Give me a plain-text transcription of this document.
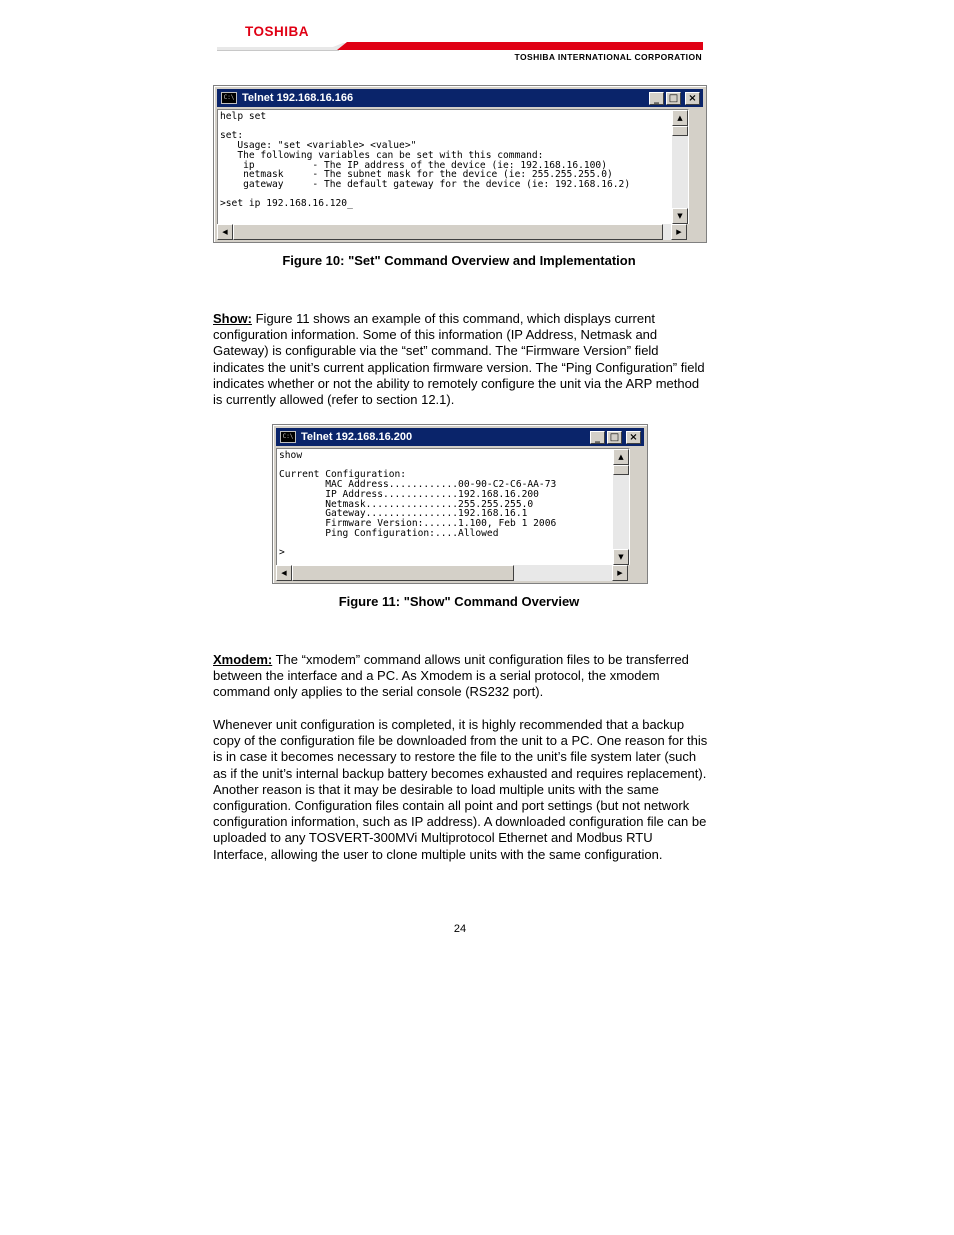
TOSHIBA
TOSHIBA INTERNATIONAL CORPORATION
C:\ Telnet 192.168.16.166	_ □	×
help set

set:
Usage: "set <variable> <value>"
The following variables can be set with this command:
ip          - The IP address of the device (ie: 192.168.16.100)
netmask     - The subnet mask for the device (ie: 255.255.255.0)
gateway     - The default gateway for the device (ie: 192.168.16.2)

>set ip 192.168.16.120_
▲
▼
◀	▶
Figure 10: "Set" Command Overview and Implementation

Show: Figure 11 shows an example of this command, which displays current configuration information. Some of this information (IP Address, Netmask and Gateway) is configurable via the “set” command. The “Firmware Version” field indicates the unit’s current application firmware version. The “Ping Configuration” field indicates whether or not the ability to remotely configure the unit via the ARP method is currently allowed (refer to section 12.1).

C:\ Telnet 192.168.16.200	_ □	×
show

Current Configuration:
MAC Address............00-90-C2-C6-AA-73
IP Address.............192.168.16.200
Netmask................255.255.255.0
Gateway................192.168.16.1
Firmware Version:......1.100, Feb 1 2006
Ping Configuration:....Allowed

>
▲
▼
◀	▶
Figure 11: "Show" Command Overview

Xmodem: The “xmodem” command allows unit configuration files to be transferred between the interface and a PC. As Xmodem is a serial protocol, the xmodem command only applies to the serial console (RS232 port).

Whenever unit configuration is completed, it is highly recommended that a backup copy of the configuration file be downloaded from the unit to a PC. One reason for this is in case it becomes necessary to restore the file to the unit’s file system later (such as if the unit’s internal backup battery becomes exhausted and requires replacement). Another reason is that it may be desirable to load multiple units with the same configuration. Configuration files contain all point and port settings (but not network configuration information, such as IP address). A downloaded configuration file can be uploaded to any TOSVERT-300MVi Multiprotocol Ethernet and Modbus RTU Interface, allowing the user to clone multiple units with the same configuration.

24
